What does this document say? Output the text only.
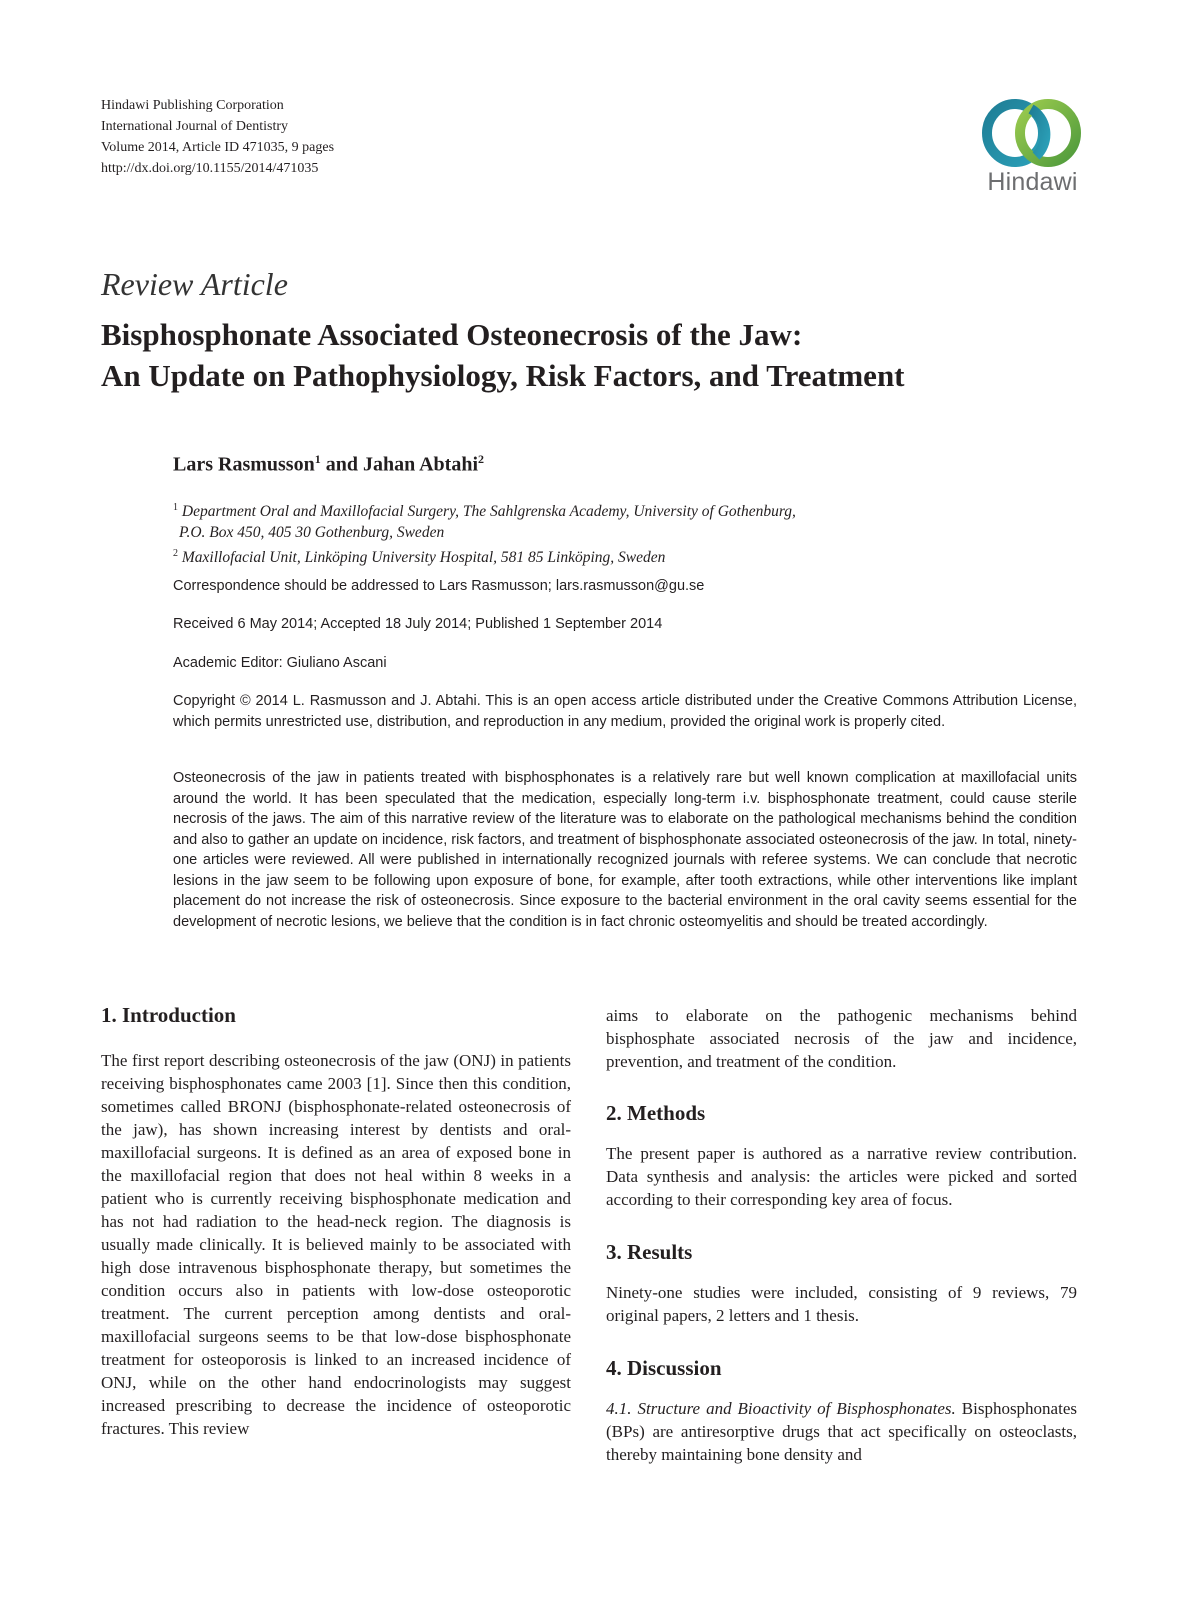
Hindawi Publishing Corporation
International Journal of Dentistry
Volume 2014, Article ID 471035, 9 pages
http://dx.doi.org/10.1155/2014/471035	Hindawi
Review Article
Bisphosphonate Associated Osteonecrosis of the Jaw:
An Update on Pathophysiology, Risk Factors, and Treatment
Lars Rasmusson$^1$ and Jahan Abtahi$^2$
$^1$ Department Oral and Maxillofacial Surgery, The Sahlgrenska Academy, University of Gothenburg,
P.O. Box 450, 405 30 Gothenburg, Sweden
$^2$ Maxillofacial Unit, Linköping University Hospital, 581 85 Linköping, Sweden
Correspondence should be addressed to Lars Rasmusson; lars.rasmusson@gu.se
Received 6 May 2014; Accepted 18 July 2014; Published 1 September 2014
Academic Editor: Giuliano Ascani
Copyright © 2014 L. Rasmusson and J. Abtahi. This is an open access article distributed under the Creative Commons Attribution License, which permits unrestricted use, distribution, and reproduction in any medium, provided the original work is properly cited.
Osteonecrosis of the jaw in patients treated with bisphosphonates is a relatively rare but well known complication at maxillofacial units around the world. It has been speculated that the medication, especially long-term i.v. bisphosphonate treatment, could cause sterile necrosis of the jaws. The aim of this narrative review of the literature was to elaborate on the pathological mechanisms behind the condition and also to gather an update on incidence, risk factors, and treatment of bisphosphonate associated osteonecrosis of the jaw. In total, ninety-one articles were reviewed. All were published in internationally recognized journals with referee systems. We can conclude that necrotic lesions in the jaw seem to be following upon exposure of bone, for example, after tooth extractions, while other interventions like implant placement do not increase the risk of osteonecrosis. Since exposure to the bacterial environment in the oral cavity seems essential for the development of necrotic lesions, we believe that the condition is in fact chronic osteomyelitis and should be treated accordingly.
1. Introduction

The first report describing osteonecrosis of the jaw (ONJ) in patients receiving bisphosphonates came 2003 [1]. Since then this condition, sometimes called BRONJ (bisphosphonate-related osteonecrosis of the jaw), has shown increasing interest by dentists and oral-maxillofacial surgeons. It is defined as an area of exposed bone in the maxillofacial region that does not heal within 8 weeks in a patient who is currently receiving bisphosphonate medication and has not had radiation to the head-neck region. The diagnosis is usually made clinically. It is believed mainly to be associated with high dose intravenous bisphosphonate therapy, but sometimes the condition occurs also in patients with low-dose osteoporotic treatment. The current perception among dentists and oral-maxillofacial surgeons seems to be that low-dose bisphosphonate treatment for osteoporosis is linked to an increased incidence of ONJ, while on the other hand endocrinologists may suggest increased prescribing to decrease the incidence of osteoporotic fractures. This review

aims to elaborate on the pathogenic mechanisms behind bisphosphate associated necrosis of the jaw and incidence, prevention, and treatment of the condition.

2. Methods

The present paper is authored as a narrative review contribution. Data synthesis and analysis: the articles were picked and sorted according to their corresponding key area of focus.

3. Results

Ninety-one studies were included, consisting of 9 reviews, 79 original papers, 2 letters and 1 thesis.

4. Discussion

4.1. Structure and Bioactivity of Bisphosphonates. Bisphosphonates (BPs) are antiresorptive drugs that act specifically on osteoclasts, thereby maintaining bone density and
